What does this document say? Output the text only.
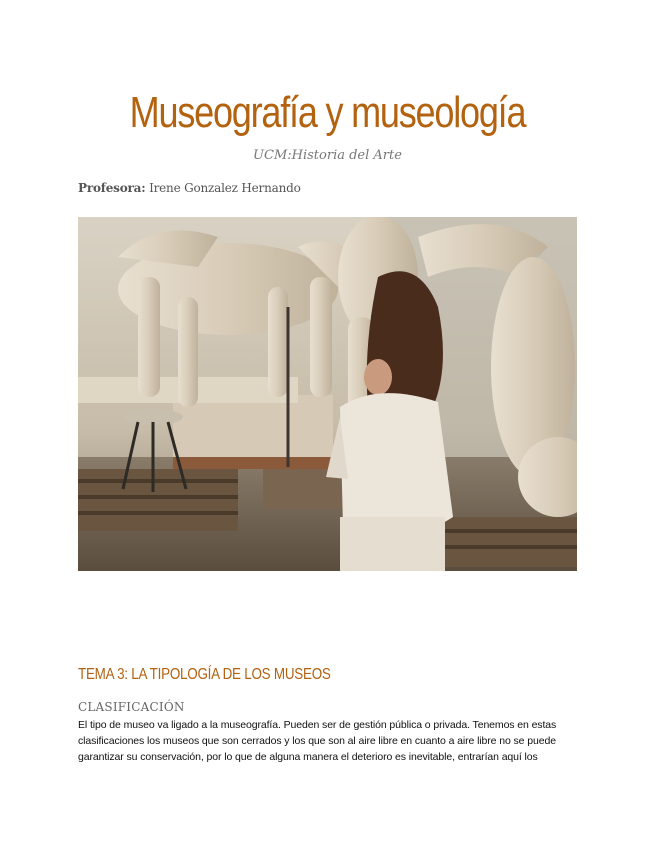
Museografía y museología
UCM:Historia del Arte
Profesora: Irene Gonzalez Hernando
TEMA 3: LA TIPOLOGÍA DE LOS MUSEOS
CLASIFICACIÓN
El tipo de museo va ligado a la museografía. Pueden ser de gestión pública o privada. Tenemos en estas
clasificaciones los museos que son cerrados y los que son al aire libre en cuanto a aire libre no se puede
garantizar su conservación, por lo que de alguna manera el deterioro es inevitable, entrarían aquí los
